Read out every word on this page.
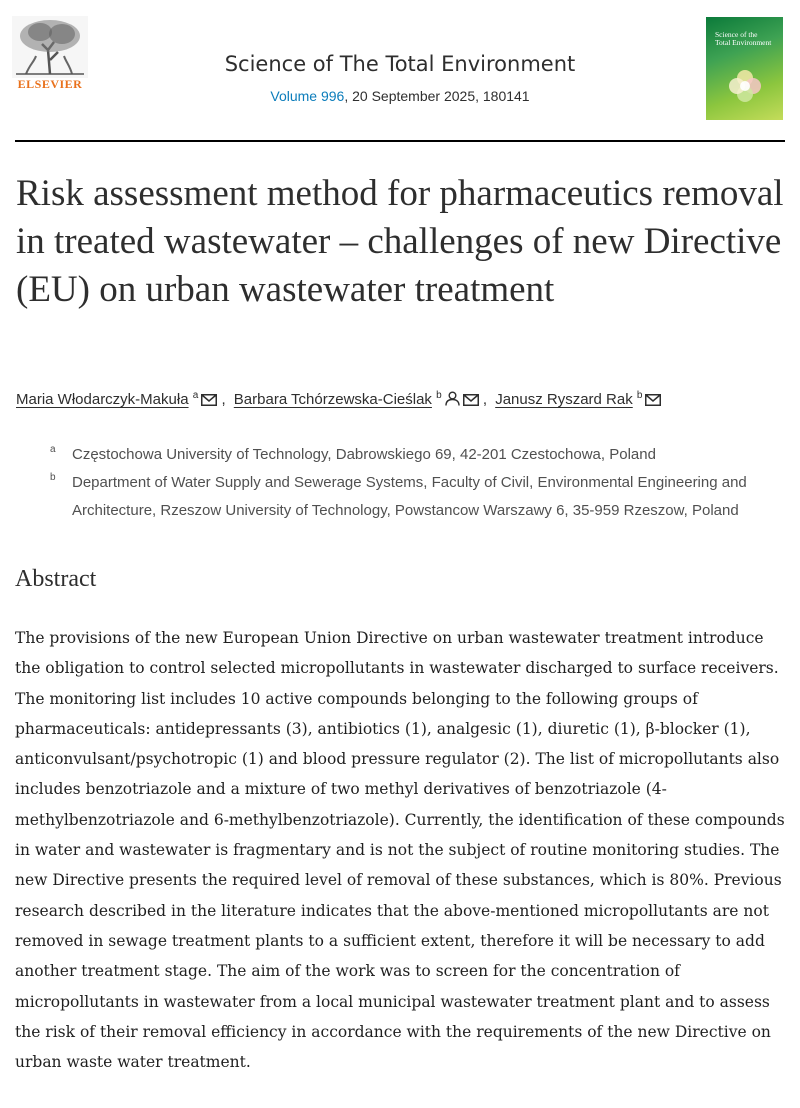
ELSEVIER
Science of The Total Environment
Volume 996, 20 September 2025, 180141
Science of the
Total Environment
Risk assessment method for pharmaceutics removal in treated wastewater – challenges of new Directive (EU) on urban wastewater treatment
Maria Włodarczyk-Makuła $^a$ , Barbara Tchórzewska-Cieślak $^b$	, Janusz Ryszard Rak $^b$
a Częstochowa University of Technology, Dabrowskiego 69, 42-201 Czestochowa, Poland
b Department of Water Supply and Sewerage Systems, Faculty of Civil, Environmental Engineering and Architecture, Rzeszow University of Technology, Powstancow Warszawy 6, 35-959 Rzeszow, Poland
Abstract

The provisions of the new European Union Directive on urban wastewater treatment introduce the obligation to control selected micropollutants in wastewater discharged to surface receivers. The monitoring list includes 10 active compounds belonging to the following groups of pharmaceuticals: antidepressants (3), antibiotics (1), analgesic (1), diuretic (1), β-blocker (1), anticonvulsant/psychotropic (1) and blood pressure regulator (2). The list of micropollutants also includes benzotriazole and a mixture of two methyl derivatives of benzotriazole (4-methylbenzotriazole and 6-methylbenzotriazole). Currently, the identification of these compounds in water and wastewater is fragmentary and is not the subject of routine monitoring studies. The new Directive presents the required level of removal of these substances, which is 80%. Previous research described in the literature indicates that the above-mentioned micropollutants are not removed in sewage treatment plants to a sufficient extent, therefore it will be necessary to add another treatment stage. The aim of the work was to screen for the concentration of micropollutants in wastewater from a local municipal wastewater treatment plant and to assess the risk of their removal efficiency in accordance with the requirements of the new Directive on urban waste water treatment.
